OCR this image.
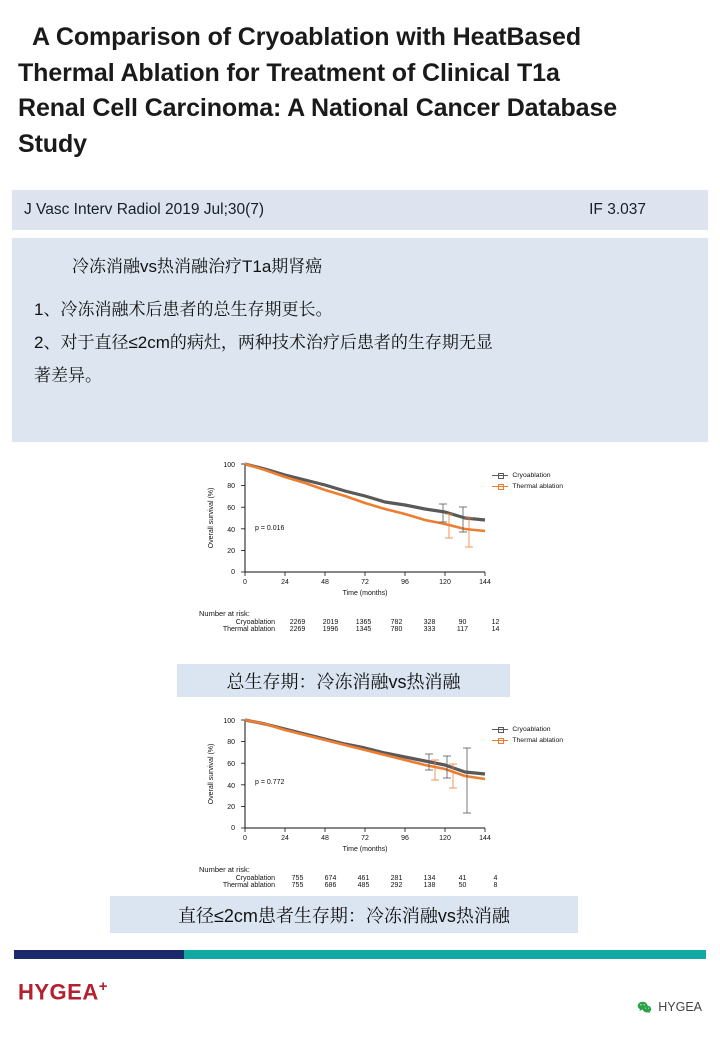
A Comparison of Cryoablation with HeatBased
Thermal Ablation for Treatment of Clinical T1a
Renal Cell Carcinoma: A National Cancer Database
Study
J Vasc Interv Radiol 2019 Jul;30(7)	IF 3.037
冷冻消融vs热消融治疗T1a期肾癌
1、冷冻消融术后患者的总生存期更长。
2、对于直径≤2cm的病灶，两种技术治疗后患者的生存期无显
著差异。
100
80
60
40
20
0
0	24	48	72	96	120	144
Time (months)
Overall survival (%)	p = 0.016
Cryoablation
Thermal ablation
Number at risk:
Cryoablation	2269	2019	1365	782	328	90	12
Thermal ablation	2269	1996	1345	780	333	117	14
总生存期：冷冻消融vs热消融
100
80
60
40
20
0
0	24	48	72	96	120	144
Time (months)
Overall survival (%)	p = 0.772
Cryoablation
Thermal ablation
Number at risk:
Cryoablation	755	674	461	281	134	41	4
Thermal ablation	755	686	485	292	138	50	8
直径≤2cm患者生存期：冷冻消融vs热消融
HYGEA+
HYGEA
